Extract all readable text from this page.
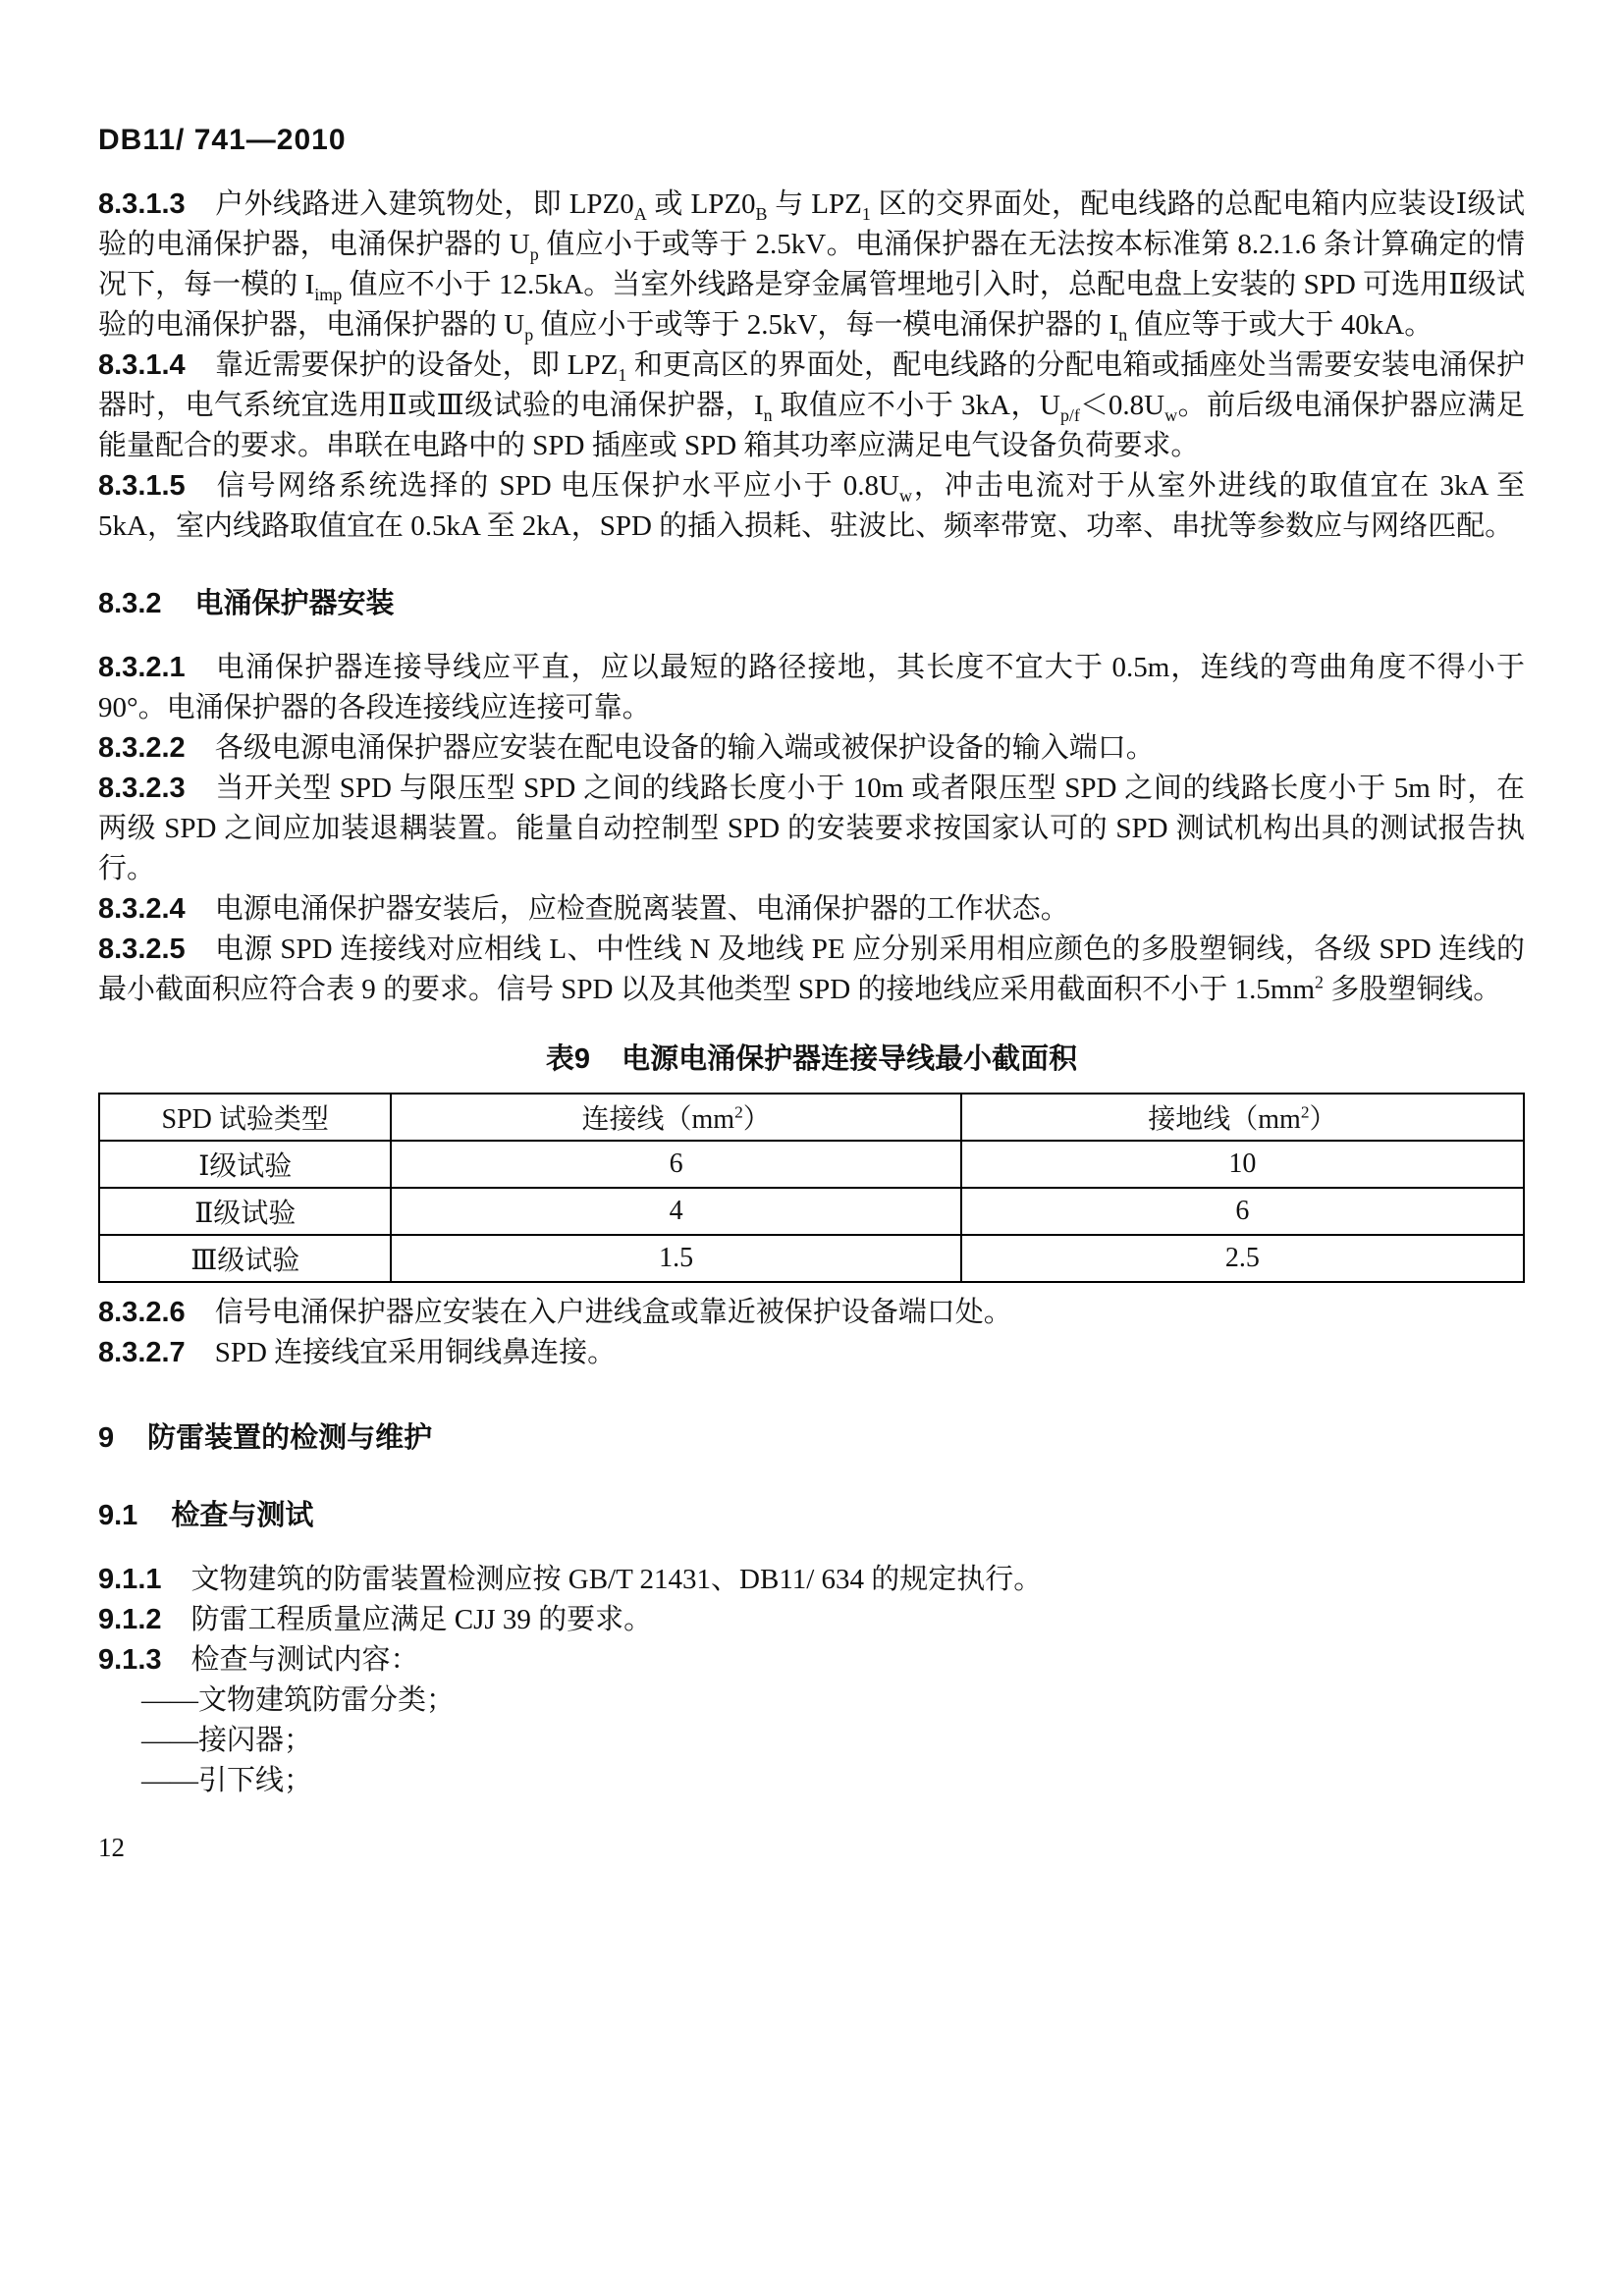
DB11/ 741—2010

8.3.1.3 户外线路进入建筑物处，即 $LPZ0_A$ 或 $LPZ0_B$ 与 $LPZ_1$ 区的交界面处，配电线路的总配电箱内应装设Ⅰ级试验的电涌保护器，电涌保护器的 $U_p$ 值应小于或等于 2.5kV。电涌保护器在无法按本标准第 8.2.1.6 条计算确定的情况下，每一模的 $I_{imp}$ 值应不小于 12.5kA。当室外线路是穿金属管埋地引入时，总配电盘上安装的 SPD 可选用Ⅱ级试验的电涌保护器，电涌保护器的 $U_p$ 值应小于或等于 2.5kV，每一模电涌保护器的 $I_n$ 值应等于或大于 40kA。

8.3.1.4 靠近需要保护的设备处，即 $LPZ_1$ 和更高区的界面处，配电线路的分配电箱或插座处当需要安装电涌保护器时，电气系统宜选用Ⅱ或Ⅲ级试验的电涌保护器，$I_n$ 取值应不小于 3kA，$U_{p/f}<0.8U_w$。前后级电涌保护器应满足能量配合的要求。串联在电路中的 SPD 插座或 SPD 箱其功率应满足电气设备负荷要求。

8.3.1.5 信号网络系统选择的 SPD 电压保护水平应小于 $0.8U_w$，冲击电流对于从室外进线的取值宜在 3kA 至 5kA，室内线路取值宜在 0.5kA 至 2kA，SPD 的插入损耗、驻波比、频率带宽、功率、串扰等参数应与网络匹配。

8.3.2 电涌保护器安装

8.3.2.1 电涌保护器连接导线应平直，应以最短的路径接地，其长度不宜大于 0.5m，连线的弯曲角度不得小于 90°。电涌保护器的各段连接线应连接可靠。

8.3.2.2 各级电源电涌保护器应安装在配电设备的输入端或被保护设备的输入端口。

8.3.2.3 当开关型 SPD 与限压型 SPD 之间的线路长度小于 10m 或者限压型 SPD 之间的线路长度小于 5m 时，在两级 SPD 之间应加装退耦装置。能量自动控制型 SPD 的安装要求按国家认可的 SPD 测试机构出具的测试报告执行。

8.3.2.4 电源电涌保护器安装后，应检查脱离装置、电涌保护器的工作状态。

8.3.2.5 电源 SPD 连接线对应相线 L、中性线 N 及地线 PE 应分别采用相应颜色的多股塑铜线，各级 SPD 连线的最小截面积应符合表 9 的要求。信号 SPD 以及其他类型 SPD 的接地线应采用截面积不小于 $1.5mm^2$ 多股塑铜线。

表9 电源电涌保护器连接导线最小截面积
SPD 试验类型	连接线$(mm^2)$	接地线$(mm^2)$
Ⅰ级试验	6	10
Ⅱ级试验	4	6
Ⅲ级试验	1.5	2.5

8.3.2.6 信号电涌保护器应安装在入户进线盒或靠近被保护设备端口处。

8.3.2.7 SPD 连接线宜采用铜线鼻连接。

9 防雷装置的检测与维护
9.1 检查与测试

9.1.1 文物建筑的防雷装置检测应按 GB/T 21431、DB11/ 634 的规定执行。

9.1.2 防雷工程质量应满足 CJJ 39 的要求。

9.1.3 检查与测试内容：

——文物建筑防雷分类；

——接闪器；

——引下线；

12
